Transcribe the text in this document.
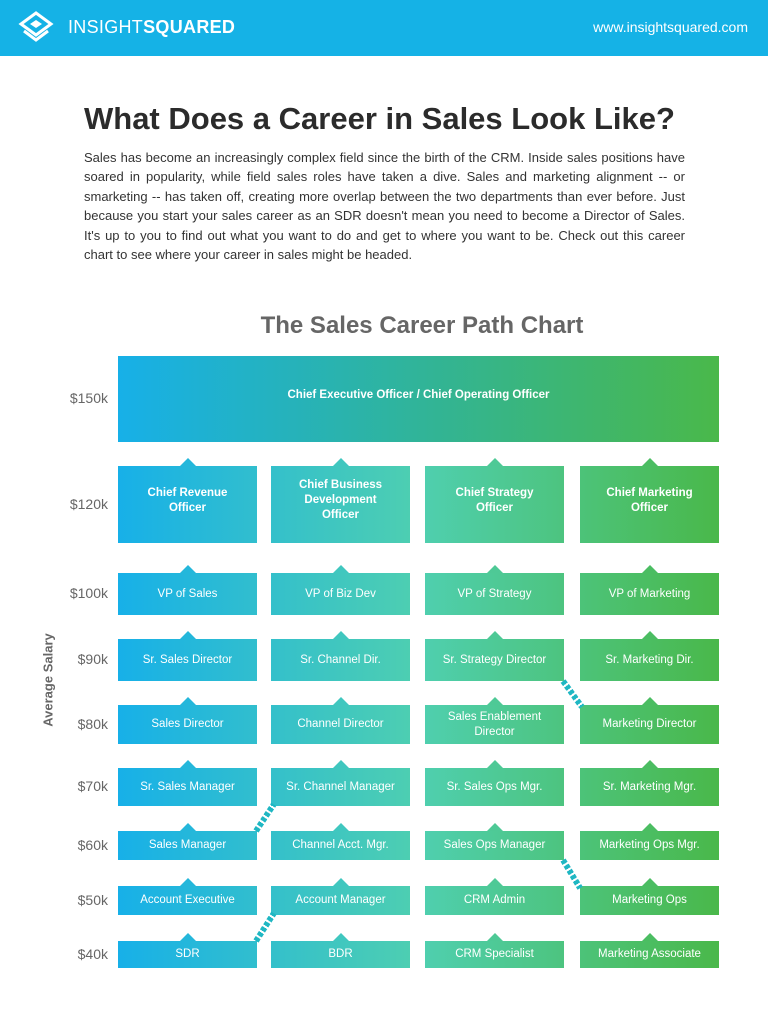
INSIGHTSQUARED	www.insightsquared.com
What Does a Career in Sales Look Like?

Sales has become an increasingly complex field since the birth of the CRM. Inside sales positions have soared in popularity, while field sales roles have taken a dive. Sales and marketing alignment -- or smarketing -- has taken off, creating more overlap between the two departments than ever before. Just because you start your sales career as an SDR doesn't mean you need to become a Director of Sales. It's up to you to find out what you want to do and get to where you want to be. Check out this career chart to see where your career in sales might be headed.

The Sales Career Path Chart
Average Salary
$150k
$120k
$100k
$90k
$80k
$70k
$60k
$50k
$40k
Chief Executive Officer / Chief Operating Officer
Chief Revenue Officer
VP of Sales
Sr. Sales Director
Sales Director
Sr. Sales Manager
Sales Manager
Account Executive
SDR
Chief Business Development Officer
VP of Biz Dev
Sr. Channel Dir.
Channel Director
Sr. Channel Manager
Channel Acct. Mgr.
Account Manager
BDR
Chief Strategy Officer
VP of Strategy
Sr. Strategy Director
Sales Enablement Director
Sr. Sales Ops Mgr.
Sales Ops Manager
CRM Admin
CRM Specialist
Chief Marketing Officer
VP of Marketing
Sr. Marketing Dir.
Marketing Director
Sr. Marketing Mgr.
Marketing Ops Mgr.
Marketing Ops
Marketing Associate
